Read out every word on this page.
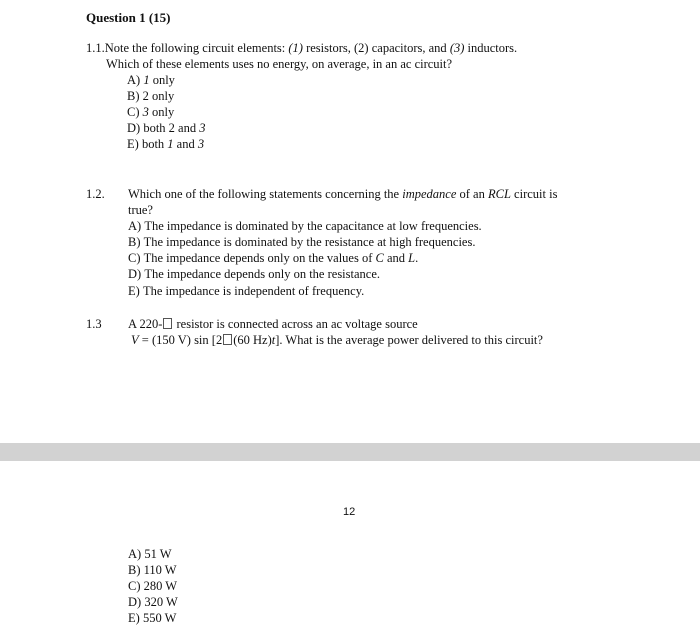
Question 1 (15)
1.1.Note the following circuit elements: (1) resistors, (2) capacitors, and (3) inductors.
Which of these elements uses no energy, on average, in an ac circuit?
A) 1 only
B) 2 only
C) 3 only
D) both 2 and 3
E) both 1 and 3
1.2. Which one of the following statements concerning the impedance of an RCL circuit is
true?
A) The impedance is dominated by the capacitance at low frequencies.
B) The impedance is dominated by the resistance at high frequencies.
C) The impedance depends only on the values of C and L.
D) The impedance depends only on the resistance.
E) The impedance is independent of frequency.
1.3 A 220- resistor is connected across an ac voltage source
V = (150 V) sin [2 (60 Hz)t]. What is the average power delivered to this circuit?
12
A) 51 W
B) 110 W
C) 280 W
D) 320 W
E) 550 W
